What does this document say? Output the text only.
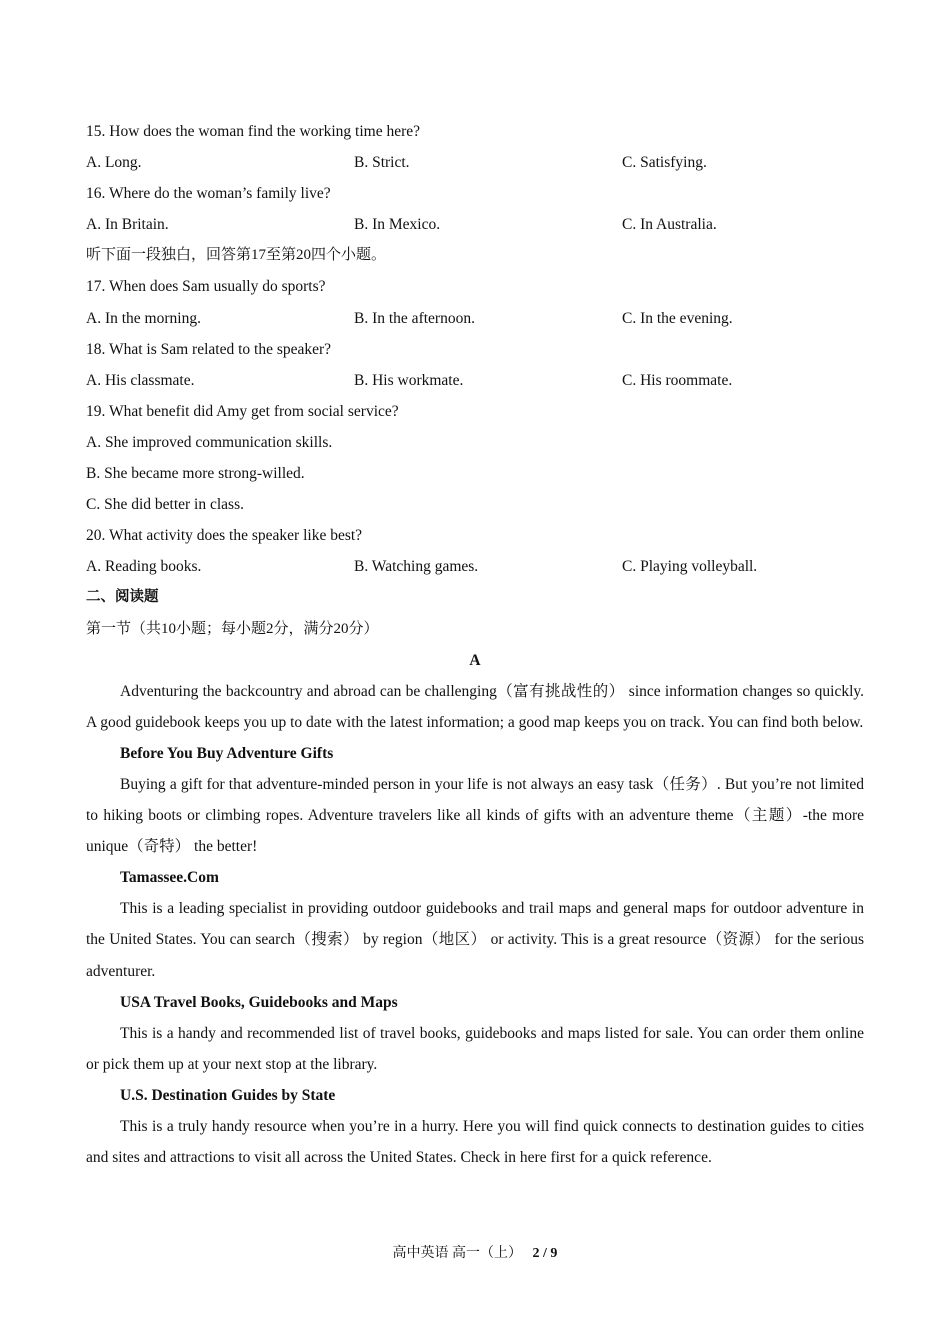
15. How does the woman find the working time here?
A. Long.	B. Strict.	C. Satisfying.
16. Where do the woman’s family live?
A. In Britain.	B. In Mexico.	C. In Australia.
听下面一段独白，回答第17至第20四个小题。
17. When does Sam usually do sports?
A. In the morning.	B. In the afternoon.	C. In the evening.
18. What is Sam related to the speaker?
A. His classmate.	B. His workmate.	C. His roommate.
19. What benefit did Amy get from social service?
A. She improved communication skills.
B. She became more strong-willed.
C. She did better in class.
20. What activity does the speaker like best?
A. Reading books.	B. Watching games.	C. Playing volleyball.
二、阅读题
第一节（共10小题；每小题2分，满分20分）
A
Adventuring the backcountry and abroad can be challenging（富有挑战性的） since information changes so quickly. A good guidebook keeps you up to date with the latest information; a good map keeps you on track. You can find both below.
Before You Buy Adventure Gifts
Buying a gift for that adventure-minded person in your life is not always an easy task（任务）. But you’re not limited to hiking boots or climbing ropes. Adventure travelers like all kinds of gifts with an adventure theme（主题）-the more unique（奇特） the better!
Tamassee.Com
This is a leading specialist in providing outdoor guidebooks and trail maps and general maps for outdoor adventure in the United States. You can search（搜索） by region（地区） or activity. This is a great resource（资源） for the serious adventurer.
USA Travel Books, Guidebooks and Maps
This is a handy and recommended list of travel books, guidebooks and maps listed for sale. You can order them online or pick them up at your next stop at the library.
U.S. Destination Guides by State
This is a truly handy resource when you’re in a hurry. Here you will find quick connects to destination guides to cities and sites and attractions to visit all across the United States. Check in here first for a quick reference.
高中英语 高一（上） 2 / 9
